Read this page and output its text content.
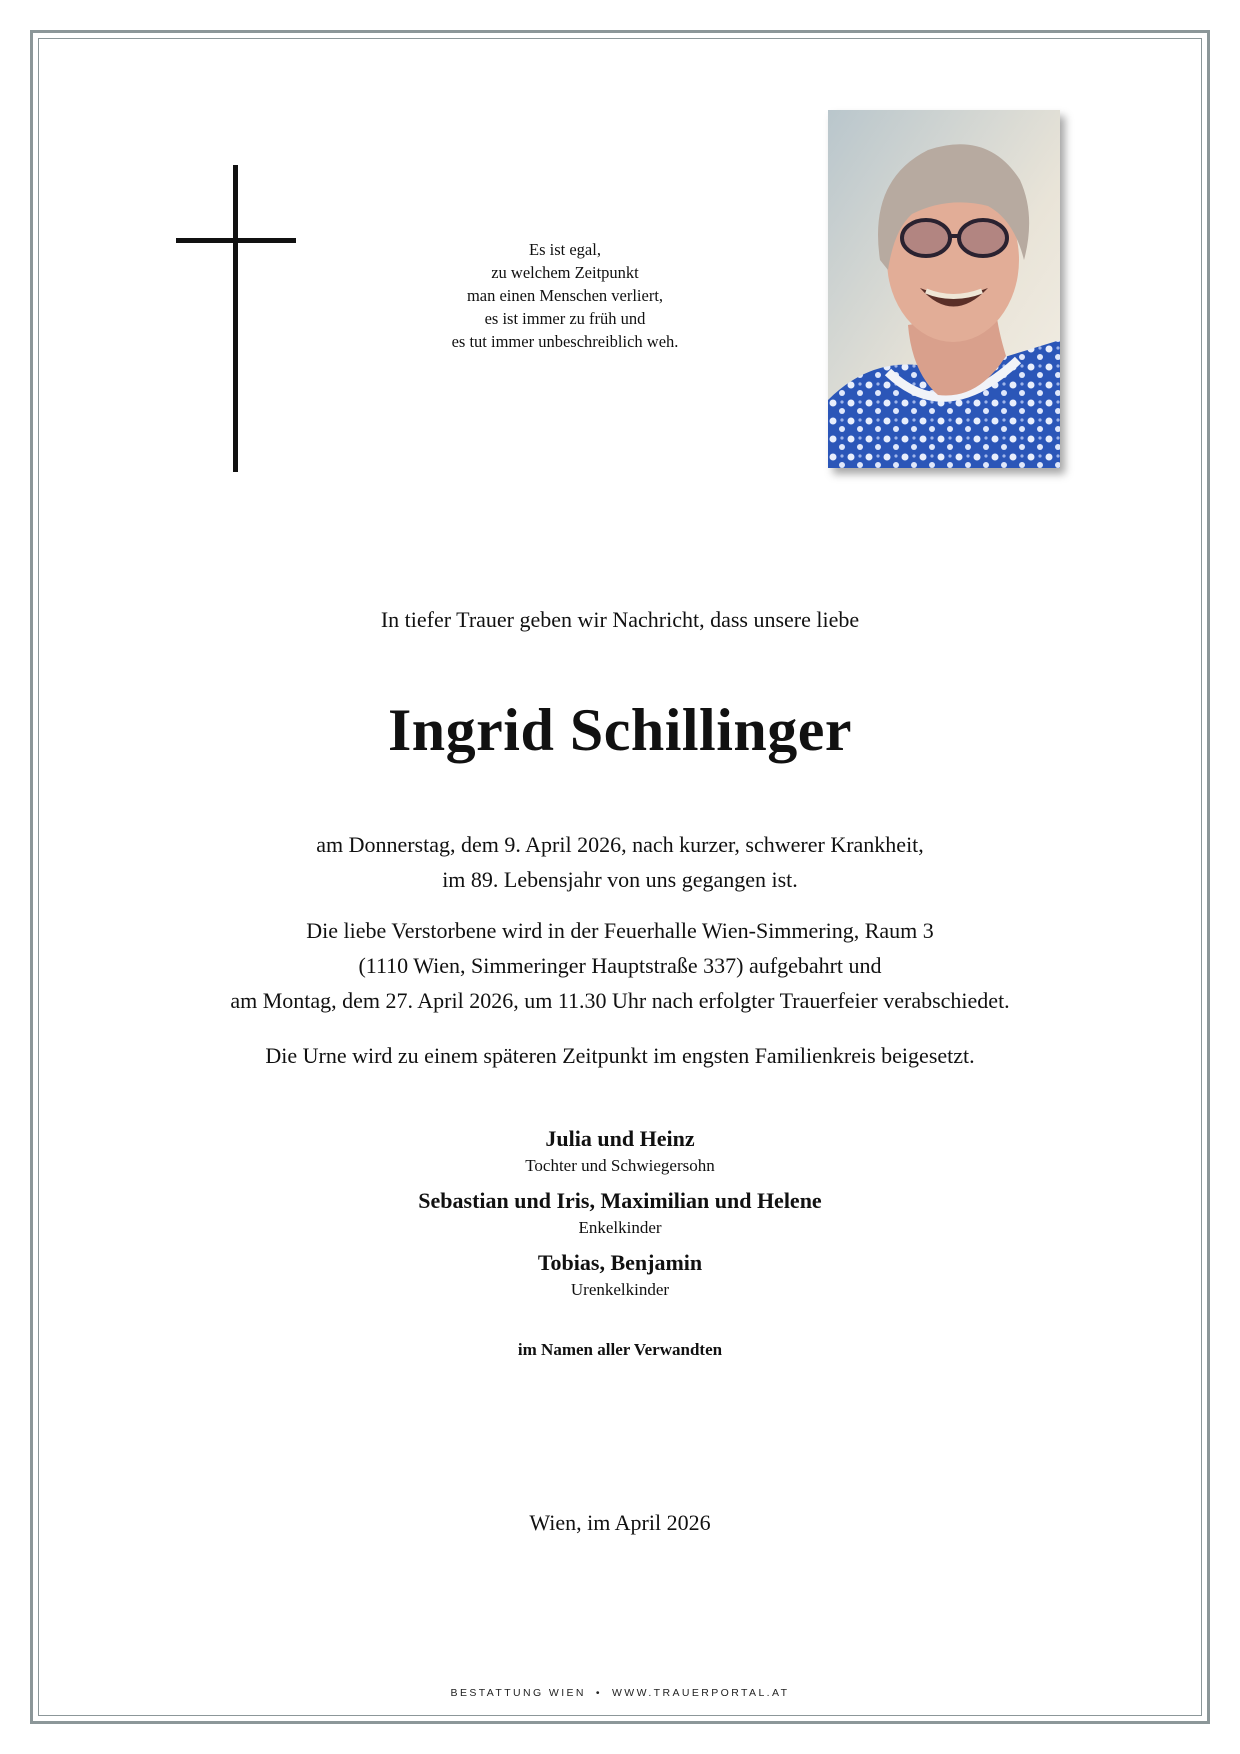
Es ist egal,
zu welchem Zeitpunkt
man einen Menschen verliert,
es ist immer zu früh und
es tut immer unbeschreiblich weh.
In tiefer Trauer geben wir Nachricht, dass unsere liebe
Ingrid Schillinger
am Donnerstag, dem 9. April 2026, nach kurzer, schwerer Krankheit,
im 89. Lebensjahr von uns gegangen ist.
Die liebe Verstorbene wird in der Feuerhalle Wien-Simmering, Raum 3
(1110 Wien, Simmeringer Hauptstraße 337) aufgebahrt und
am Montag, dem 27. April 2026, um 11.30 Uhr nach erfolgter Trauerfeier verabschiedet.
Die Urne wird zu einem späteren Zeitpunkt im engsten Familienkreis beigesetzt.
Julia und Heinz
Tochter und Schwiegersohn
Sebastian und Iris, Maximilian und Helene
Enkelkinder
Tobias, Benjamin
Urenkelkinder
im Namen aller Verwandten
Wien, im April 2026
BESTATTUNG WIEN • WWW.TRAUERPORTAL.AT
